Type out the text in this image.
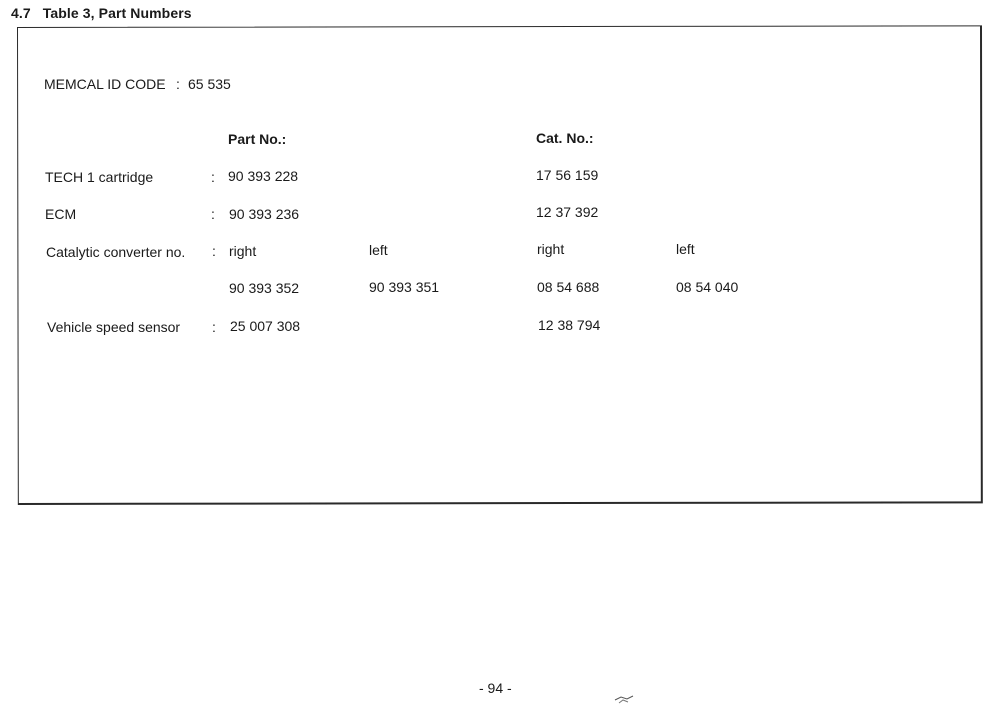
4.7 Table 3, Part Numbers
MEMCAL ID CODE : 65 535
Part No.:	Cat. No.:
TECH 1 cartridge	: 90 393 228	17 56 159
ECM	: 90 393 236	12 37 392
Catalytic converter no. : right	left	right	left
90 393 352	90 393 351	08 54 688	08 54 040
Vehicle speed sensor : 25 007 308	12 38 794
- 94 -
